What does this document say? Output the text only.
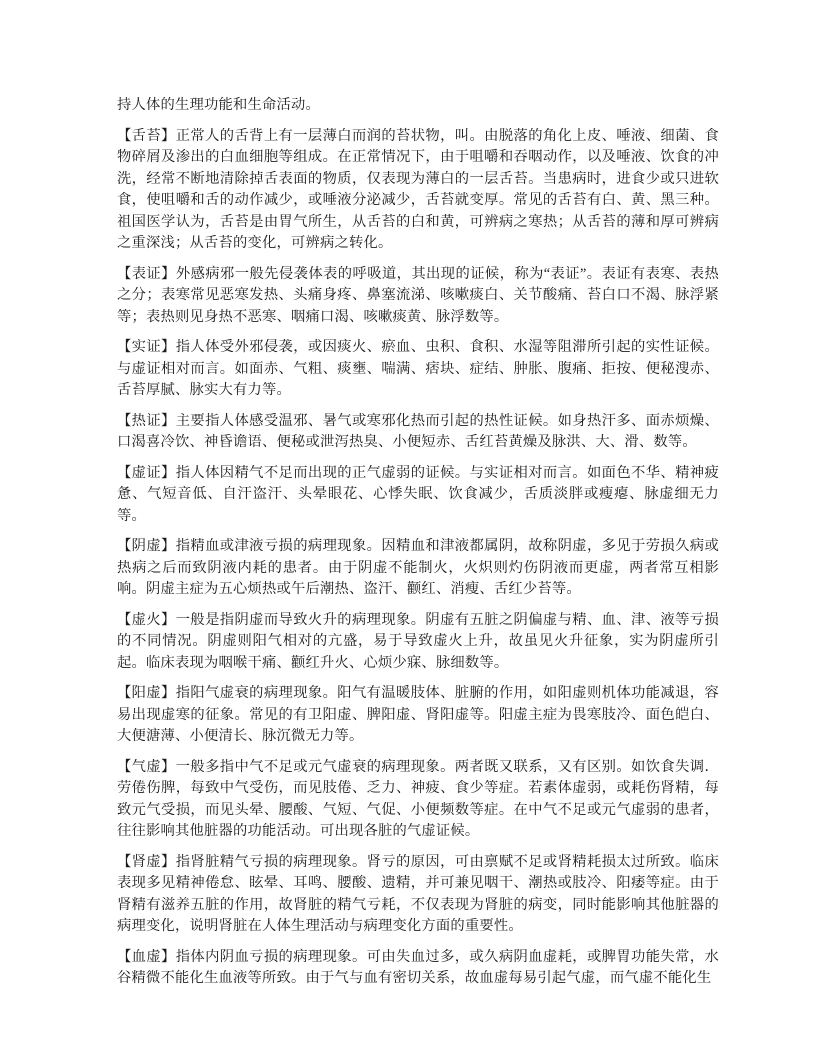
持人体的生理功能和生命活动。

【舌苔】正常人的舌背上有一层薄白而润的苔状物，叫。由脱落的角化上皮、唾液、细菌、食物碎屑及渗出的白血细胞等组成。在正常情况下，由于咀嚼和吞咽动作，以及唾液、饮食的冲洗，经常不断地清除掉舌表面的物质，仅表现为薄白的一层舌苔。当患病时，进食少或只进软食，使咀嚼和舌的动作减少，或唾液分泌减少，舌苔就变厚。常见的舌苔有白、黄、黑三种。祖国医学认为，舌苔是由胃气所生，从舌苔的白和黄，可辨病之寒热；从舌苔的薄和厚可辨病之重深浅；从舌苔的变化，可辨病之转化。

【表证】外感病邪一般先侵袭体表的呼吸道，其出现的证候，称为“表证”。表证有表寒、表热之分；表寒常见恶寒发热、头痛身疼、鼻塞流涕、咳嗽痰白、关节酸痛、苔白口不渴、脉浮紧等；表热则见身热不恶寒、咽痛口渴、咳嗽痰黄、脉浮数等。

【实证】指人体受外邪侵袭，或因痰火、瘀血、虫积、食积、水湿等阻滞所引起的实性证候。与虚证相对而言。如面赤、气粗、痰壅、喘满、痞块、症结、肿胀、腹痛、拒按、便秘溲赤、舌苔厚腻、脉实大有力等。

【热证】主要指人体感受温邪、暑气或寒邪化热而引起的热性证候。如身热汗多、面赤烦燥、口渴喜冷饮、神昏谵语、便秘或泄泻热臭、小便短赤、舌红苔黄燥及脉洪、大、滑、数等。

【虚证】指人体因精气不足而出现的正气虚弱的证候。与实证相对而言。如面色不华、精神疲惫、气短音低、自汗盗汗、头晕眼花、心悸失眠、饮食减少，舌质淡胖或瘦瘪、脉虚细无力等。

【阴虚】指精血或津液亏损的病理现象。因精血和津液都属阴，故称阴虚，多见于劳损久病或热病之后而致阴液内耗的患者。由于阴虚不能制火，火炽则灼伤阴液而更虚，两者常互相影响。阴虚主症为五心烦热或午后潮热、盗汗、颧红、消瘦、舌红少苔等。

【虚火】一般是指阴虚而导致火升的病理现象。阴虚有五脏之阴偏虚与精、血、津、液等亏损的不同情况。阴虚则阳气相对的亢盛，易于导致虚火上升，故虽见火升征象，实为阴虚所引起。临床表现为咽喉干痛、颧红升火、心烦少寐、脉细数等。

【阳虚】指阳气虚衰的病理现象。阳气有温暖肢体、脏腑的作用，如阳虚则机体功能减退，容易出现虚寒的征象。常见的有卫阳虚、脾阳虚、肾阳虚等。阳虚主症为畏寒肢冷、面色皑白、大便溏薄、小便清长、脉沉微无力等。

【气虚】一般多指中气不足或元气虚衰的病理现象。两者既又联系，又有区别。如饮食失调．劳倦伤脾，每致中气受伤，而见肢倦、乏力、神疲、食少等症。若素体虚弱，或耗伤肾精，每致元气受损，而见头晕、腰酸、气短、气促、小便频数等症。在中气不足或元气虚弱的患者，往往影响其他脏器的功能活动。可出现各脏的气虚证候。

【肾虚】指肾脏精气亏损的病理现象。肾亏的原因，可由禀赋不足或肾精耗损太过所致。临床表现多见精神倦怠、眩晕、耳鸣、腰酸、遗精，并可兼见咽干、潮热或肢冷、阳痿等症。由于肾精有滋养五脏的作用，故肾脏的精气亏耗，不仅表现为肾脏的病变，同时能影响其他脏器的病理变化，说明肾脏在人体生理活动与病理变化方面的重要性。

【血虚】指体内阴血亏损的病理现象。可由失血过多，或久病阴血虚耗，或脾胃功能失常，水谷精微不能化生血液等所致。由于气与血有密切关系，故血虚每易引起气虚，而气虚不能化生
